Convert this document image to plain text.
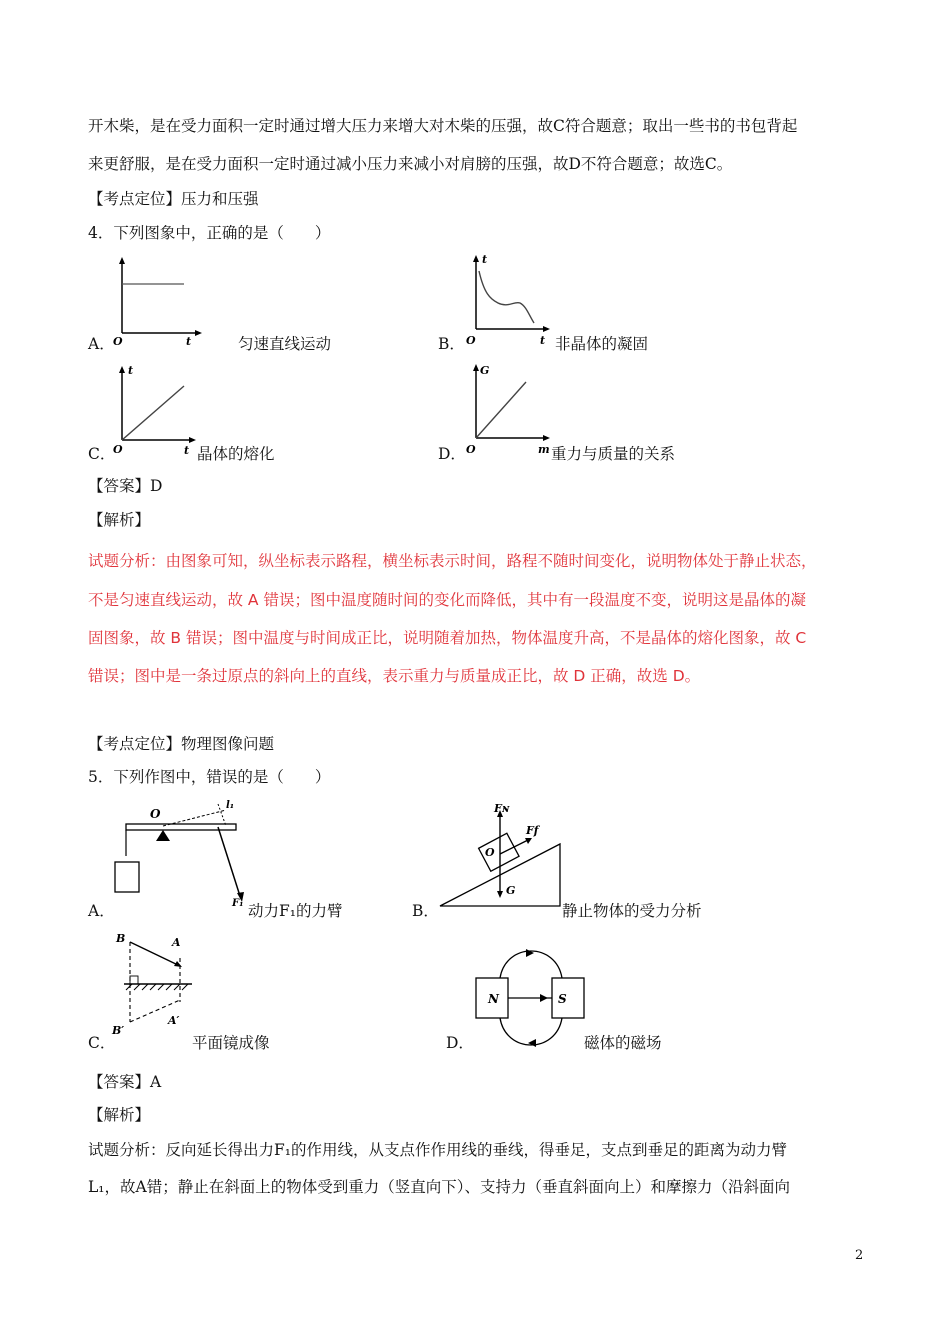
开木柴，是在受力面积一定时通过增大压力来增大对木柴的压强，故C符合题意；取出一些书的书包背起
来更舒服，是在受力面积一定时通过减小压力来减小对肩膀的压强，故D不符合题意；故选C。
【考点定位】压力和压强
4．下列图象中，正确的是（　　）
O	t
A．	匀速直线运动
t
O	t
B．	非晶体的凝固
t
O	t
C．	晶体的熔化
G
O	m
D．	重力与质量的关系
【答案】D
【解析】
试题分析：由图象可知，纵坐标表示路程，横坐标表示时间，路程不随时间变化，说明物体处于静止状态，
不是匀速直线运动，故 A 错误；图中温度随时间的变化而降低，其中有一段温度不变，说明这是晶体的凝
固图象，故 B 错误；图中温度与时间成正比，说明随着加热，物体温度升高，不是晶体的熔化图象，故 C
错误；图中是一条过原点的斜向上的直线，表示重力与质量成正比，故 D 正确，故选 D。
【考点定位】物理图像问题
5．下列作图中，错误的是（　　）
O
l₁
F₁
A．	动力F₁的力臂
Fɴ
Ff
O
G
B．	静止物体的受力分析
B	A
B′
A′
C．	平面镜成像
N	S
D．	磁体的磁场
【答案】A
【解析】
试题分析：反向延长得出力F₁的作用线，从支点作作用线的垂线，得垂足，支点到垂足的距离为动力臂
L₁，故A错；静止在斜面上的物体受到重力（竖直向下）、支持力（垂直斜面向上）和摩擦力（沿斜面向
2
